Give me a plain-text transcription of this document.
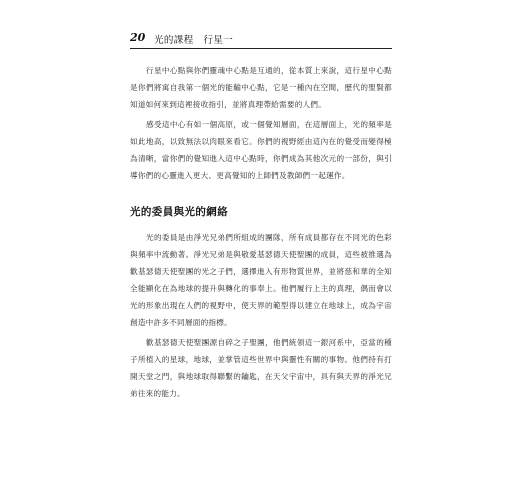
20 光的課程　行星一

行星中心點與你們靈魂中心點是互通的，從本質上來說，這行星中心點是你們將寓自我第一個光的能輸中心點，它是一種內在空間，歷代的聖賢都知道如何來到這裡接收指引，並將真理帶給需要的人們。

感受這中心有如一個高原，或一個覺知層面，在這層面上，光的頻率是如此地高，以致無法以肉眼來看它。你們的視野經由這內在的覺受而變得極為清晰，當你們的覺知進入這中心點時，你們成為其他次元的一部份，與引導你們的心靈進入更大、更高覺知的上師們及教師們一起運作。

光的委員與光的網絡

光的委員是由淨光兄弟們所組成的團隊，所有成員都存在不同光的色彩與頻率中流動著。淨光兄弟是與敬愛基瑟德天使聖團的成員，這些被推選為歡基瑟德天使聖團的光之子們，選擇進入有形物質世界，並將慈和華的全知全能顯化在為地球的提升與轉化的事奉上。他們履行上主的真理，偶而會以光的形象出現在人們的視野中，使天界的範型得以建立在地球上，成為宇宙創造中許多不同層面的指標。

歡基瑟德天使聖團源自碎之子聖團，他們統領這一銀河系中，亞當的種子所植入的星球，地球，並掌管這些世界中與靈性有關的事物。他們持有打開天堂之門，與地球取得聯繫的鑰匙，在天父宇宙中，具有與天界的淨光兄弟往來的能力。
